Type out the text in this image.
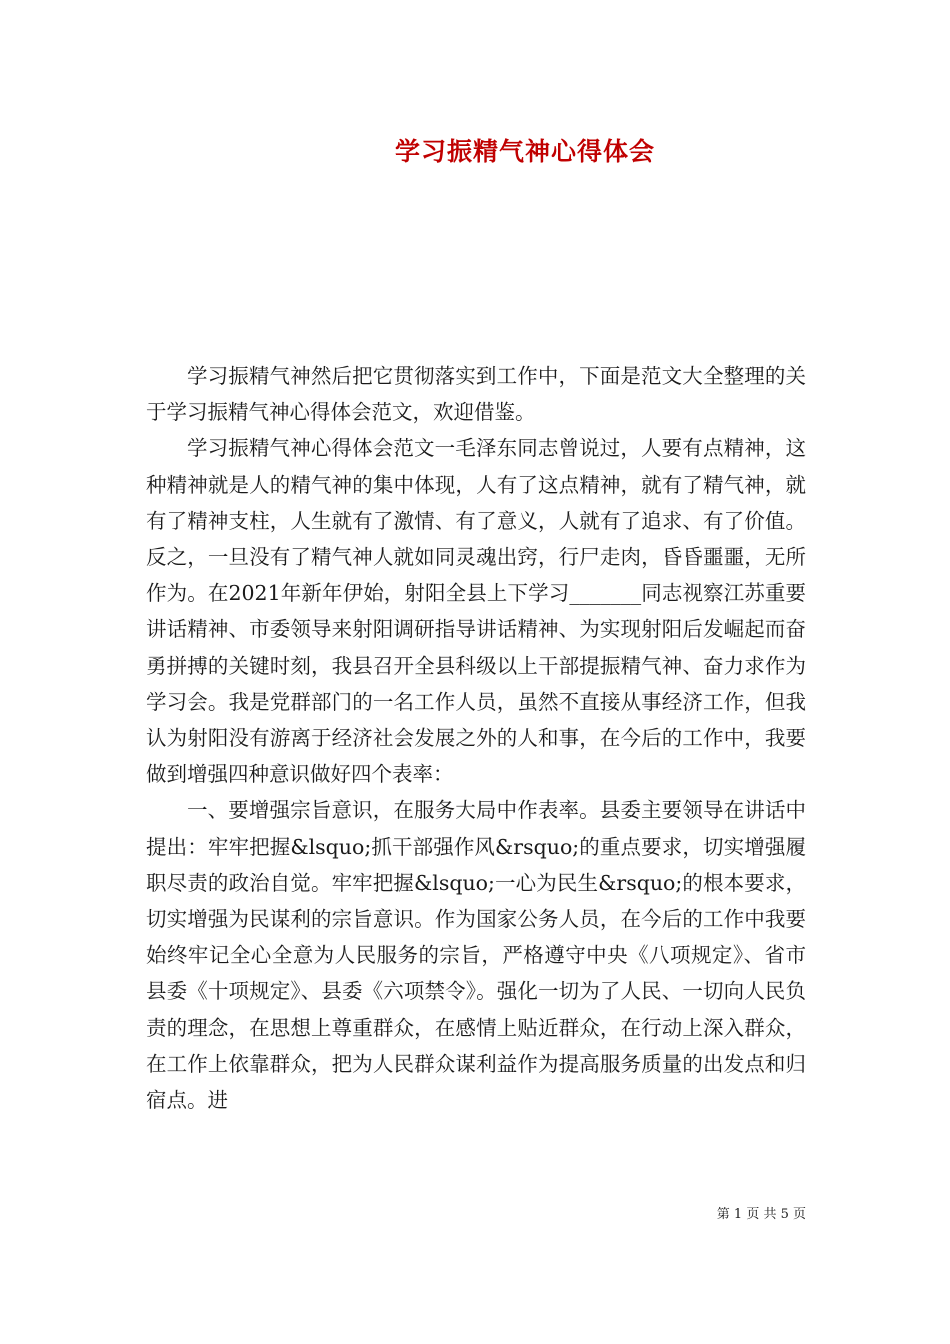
学习振精气神心得体会

学习振精气神然后把它贯彻落实到工作中，下面是范文大全整理的关于学习振精气神心得体会范文，欢迎借鉴。

学习振精气神心得体会范文一毛泽东同志曾说过，人要有点精神，这种精神就是人的精气神的集中体现，人有了这点精神，就有了精气神，就有了精神支柱，人生就有了激情、有了意义，人就有了追求、有了价值。反之，一旦没有了精气神人就如同灵魂出窍，行尸走肉，昏昏噩噩，无所作为。在2021年新年伊始，射阳全县上下学习_______同志视察江苏重要讲话精神、市委领导来射阳调研指导讲话精神、为实现射阳后发崛起而奋勇拼搏的关键时刻，我县召开全县科级以上干部提振精气神、奋力求作为学习会。我是党群部门的一名工作人员，虽然不直接从事经济工作，但我认为射阳没有游离于经济社会发展之外的人和事，在今后的工作中，我要做到增强四种意识做好四个表率：

一、要增强宗旨意识，在服务大局中作表率。县委主要领导在讲话中提出：牢牢把握&lsquo;抓干部强作风&rsquo;的重点要求，切实增强履职尽责的政治自觉。牢牢把握&lsquo;一心为民生&rsquo;的根本要求，切实增强为民谋利的宗旨意识。作为国家公务人员，在今后的工作中我要始终牢记全心全意为人民服务的宗旨，严格遵守中央《八项规定》、省市县委《十项规定》、县委《六项禁令》。强化一切为了人民、一切向人民负责的理念，在思想上尊重群众，在感情上贴近群众，在行动上深入群众，在工作上依靠群众，把为人民群众谋利益作为提高服务质量的出发点和归宿点。进

第 1 页 共 5 页
